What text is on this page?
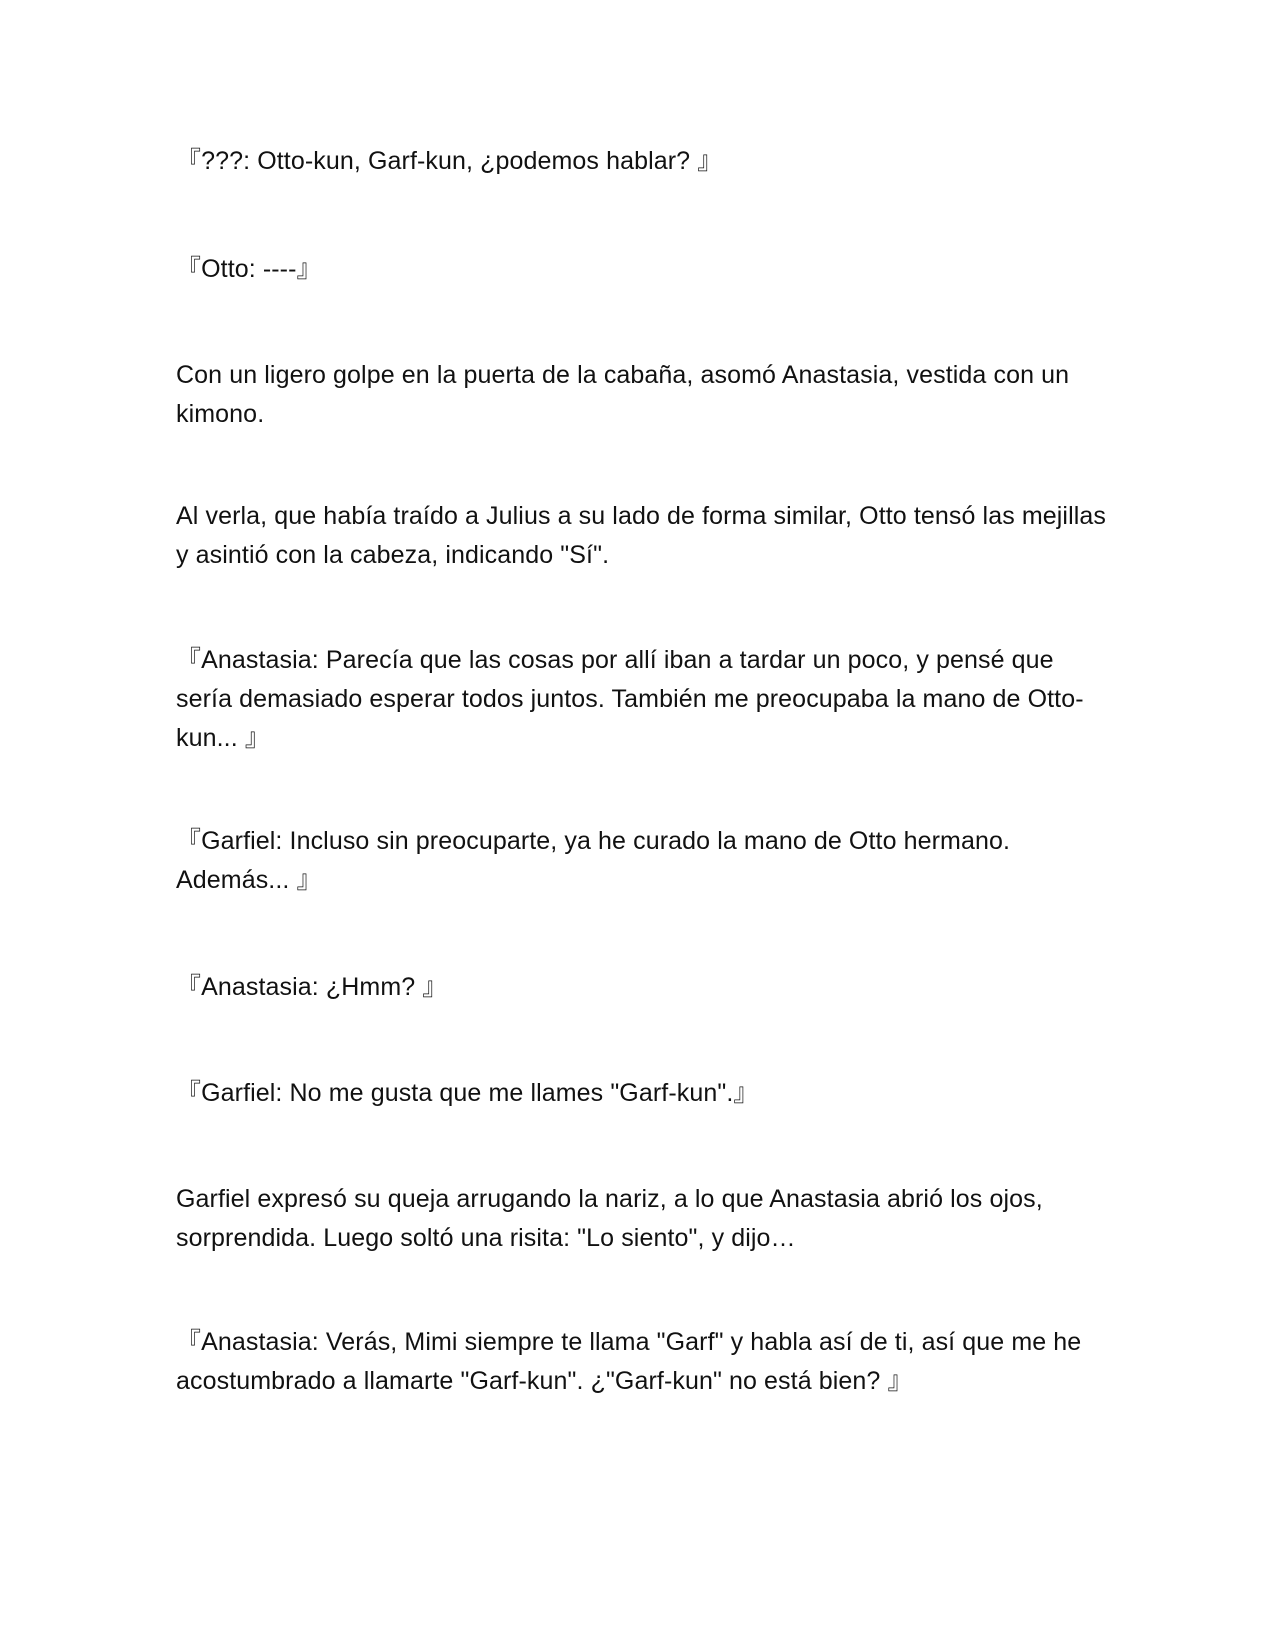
『???: Otto-kun, Garf-kun, ¿podemos hablar? 』

『Otto: ----』

Con un ligero golpe en la puerta de la cabaña, asomó Anastasia, vestida con un kimono.

Al verla, que había traído a Julius a su lado de forma similar, Otto tensó las mejillas y asintió con la cabeza, indicando "Sí".

『Anastasia: Parecía que las cosas por allí iban a tardar un poco, y pensé que sería demasiado esperar todos juntos. También me preocupaba la mano de Otto-kun... 』

『Garfiel: Incluso sin preocuparte, ya he curado la mano de Otto hermano. Además... 』

『Anastasia: ¿Hmm? 』

『Garfiel: No me gusta que me llames "Garf-kun".』

Garfiel expresó su queja arrugando la nariz, a lo que Anastasia abrió los ojos, sorprendida. Luego soltó una risita: "Lo siento", y dijo…

『Anastasia: Verás, Mimi siempre te llama "Garf" y habla así de ti, así que me he acostumbrado a llamarte "Garf-kun". ¿"Garf-kun" no está bien? 』
